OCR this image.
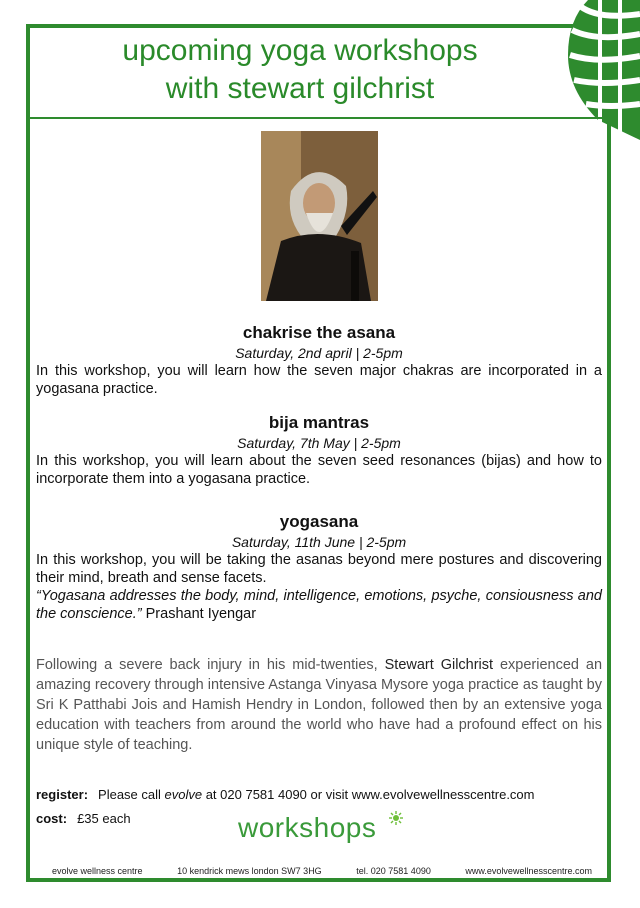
upcoming yoga workshops
with stewart gilchrist
chakrise the asana
Saturday, 2nd april | 2-5pm
In this workshop, you will learn how the seven major chakras are incorporated in a yogasana practice.
bija mantras
Saturday, 7th May | 2-5pm
In this workshop, you will learn about the seven seed resonances (bijas) and how to incorporate them into a yogasana practice.
yogasana
Saturday, 11th June | 2-5pm
In this workshop, you will be taking the asanas beyond mere postures and discovering their mind, breath and sense facets.
“Yogasana addresses the body, mind, intelligence, emotions, psyche, consiousness and the conscience.” Prashant Iyengar
Following a severe back injury in his mid-twenties, Stewart Gilchrist experienced an amazing recovery through intensive Astanga Vinyasa Mysore yoga practice as taught by Sri K Patthabi Jois and Hamish Hendry in London, followed then by an extensive yoga education with teachers from around the world who have had a profound effect on his unique style of teaching.
register: Please call evolve at 020 7581 4090 or visit www.evolvewellnesscentre.com
cost: £35 each	workshops
evolve wellness centre	10 kendrick mews london SW7 3HG	tel. 020 7581 4090	www.evolvewellnesscentre.com
